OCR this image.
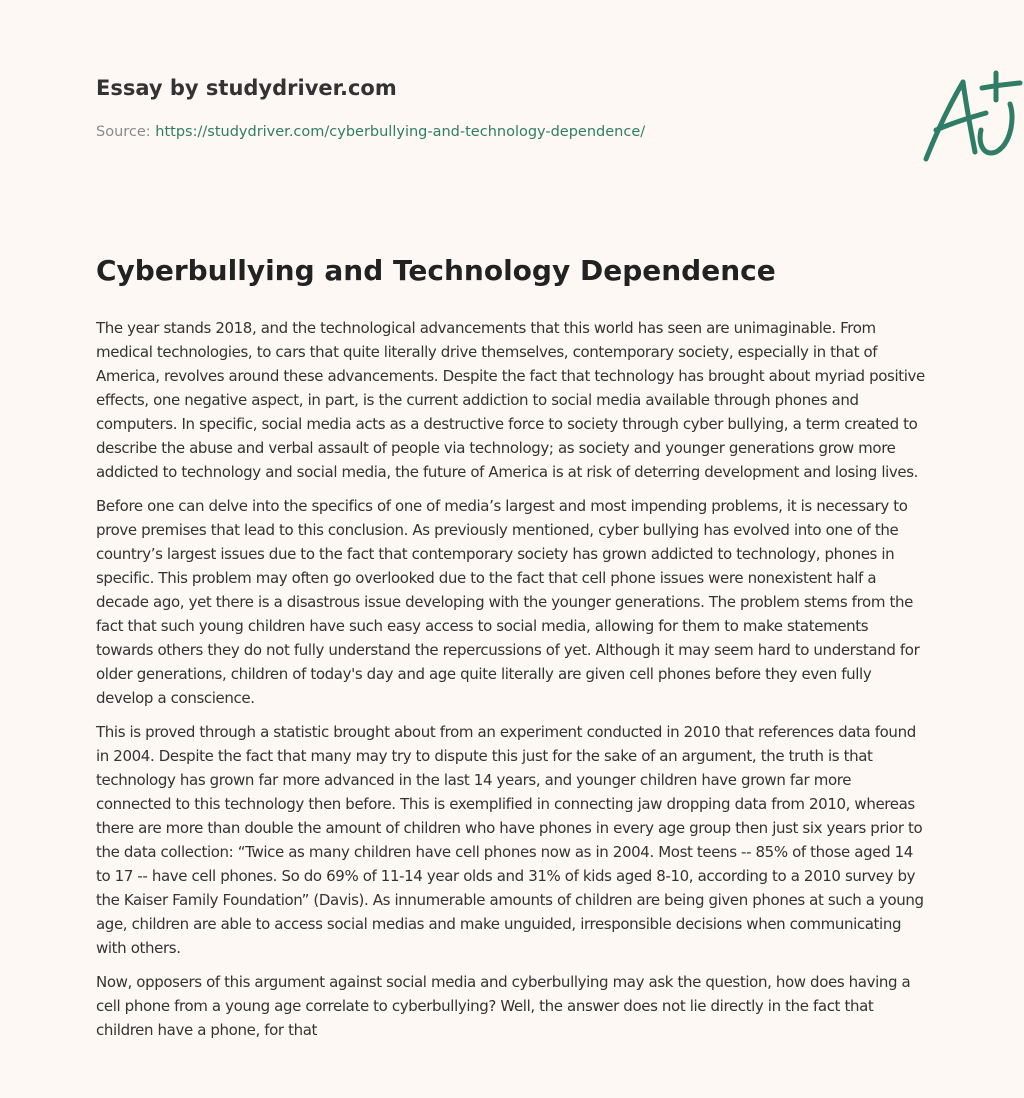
Essay by studydriver.com
Source: https://studydriver.com/cyberbullying-and-technology-dependence/
Cyberbullying and Technology Dependence

The year stands 2018, and the technological advancements that this world has seen are unimaginable. From medical technologies, to cars that quite literally drive themselves, contemporary society, especially in that of America, revolves around these advancements. Despite the fact that technology has brought about myriad positive effects, one negative aspect, in part, is the current addiction to social media available through phones and computers. In specific, social media acts as a destructive force to society through cyber bullying, a term created to describe the abuse and verbal assault of people via technology; as society and younger generations grow more addicted to technology and social media, the future of America is at risk of deterring development and losing lives.

Before one can delve into the specifics of one of media’s largest and most impending problems, it is necessary to prove premises that lead to this conclusion. As previously mentioned, cyber bullying has evolved into one of the country’s largest issues due to the fact that contemporary society has grown addicted to technology, phones in specific. This problem may often go overlooked due to the fact that cell phone issues were nonexistent half a decade ago, yet there is a disastrous issue developing with the younger generations. The problem stems from the fact that such young children have such easy access to social media, allowing for them to make statements towards others they do not fully understand the repercussions of yet. Although it may seem hard to understand for older generations, children of today's day and age quite literally are given cell phones before they even fully develop a conscience.

This is proved through a statistic brought about from an experiment conducted in 2010 that references data found in 2004. Despite the fact that many may try to dispute this just for the sake of an argument, the truth is that technology has grown far more advanced in the last 14 years, and younger children have grown far more connected to this technology then before. This is exemplified in connecting jaw dropping data from 2010, whereas there are more than double the amount of children who have phones in every age group then just six years prior to the data collection: “Twice as many children have cell phones now as in 2004. Most teens -- 85% of those aged 14 to 17 -- have cell phones. So do 69% of 11-14 year olds and 31% of kids aged 8-10, according to a 2010 survey by the Kaiser Family Foundation” (Davis). As innumerable amounts of children are being given phones at such a young age, children are able to access social medias and make unguided, irresponsible decisions when communicating with others.

Now, opposers of this argument against social media and cyberbullying may ask the question, how does having a cell phone from a young age correlate to cyberbullying? Well, the answer does not lie directly in the fact that children have a phone, for that
